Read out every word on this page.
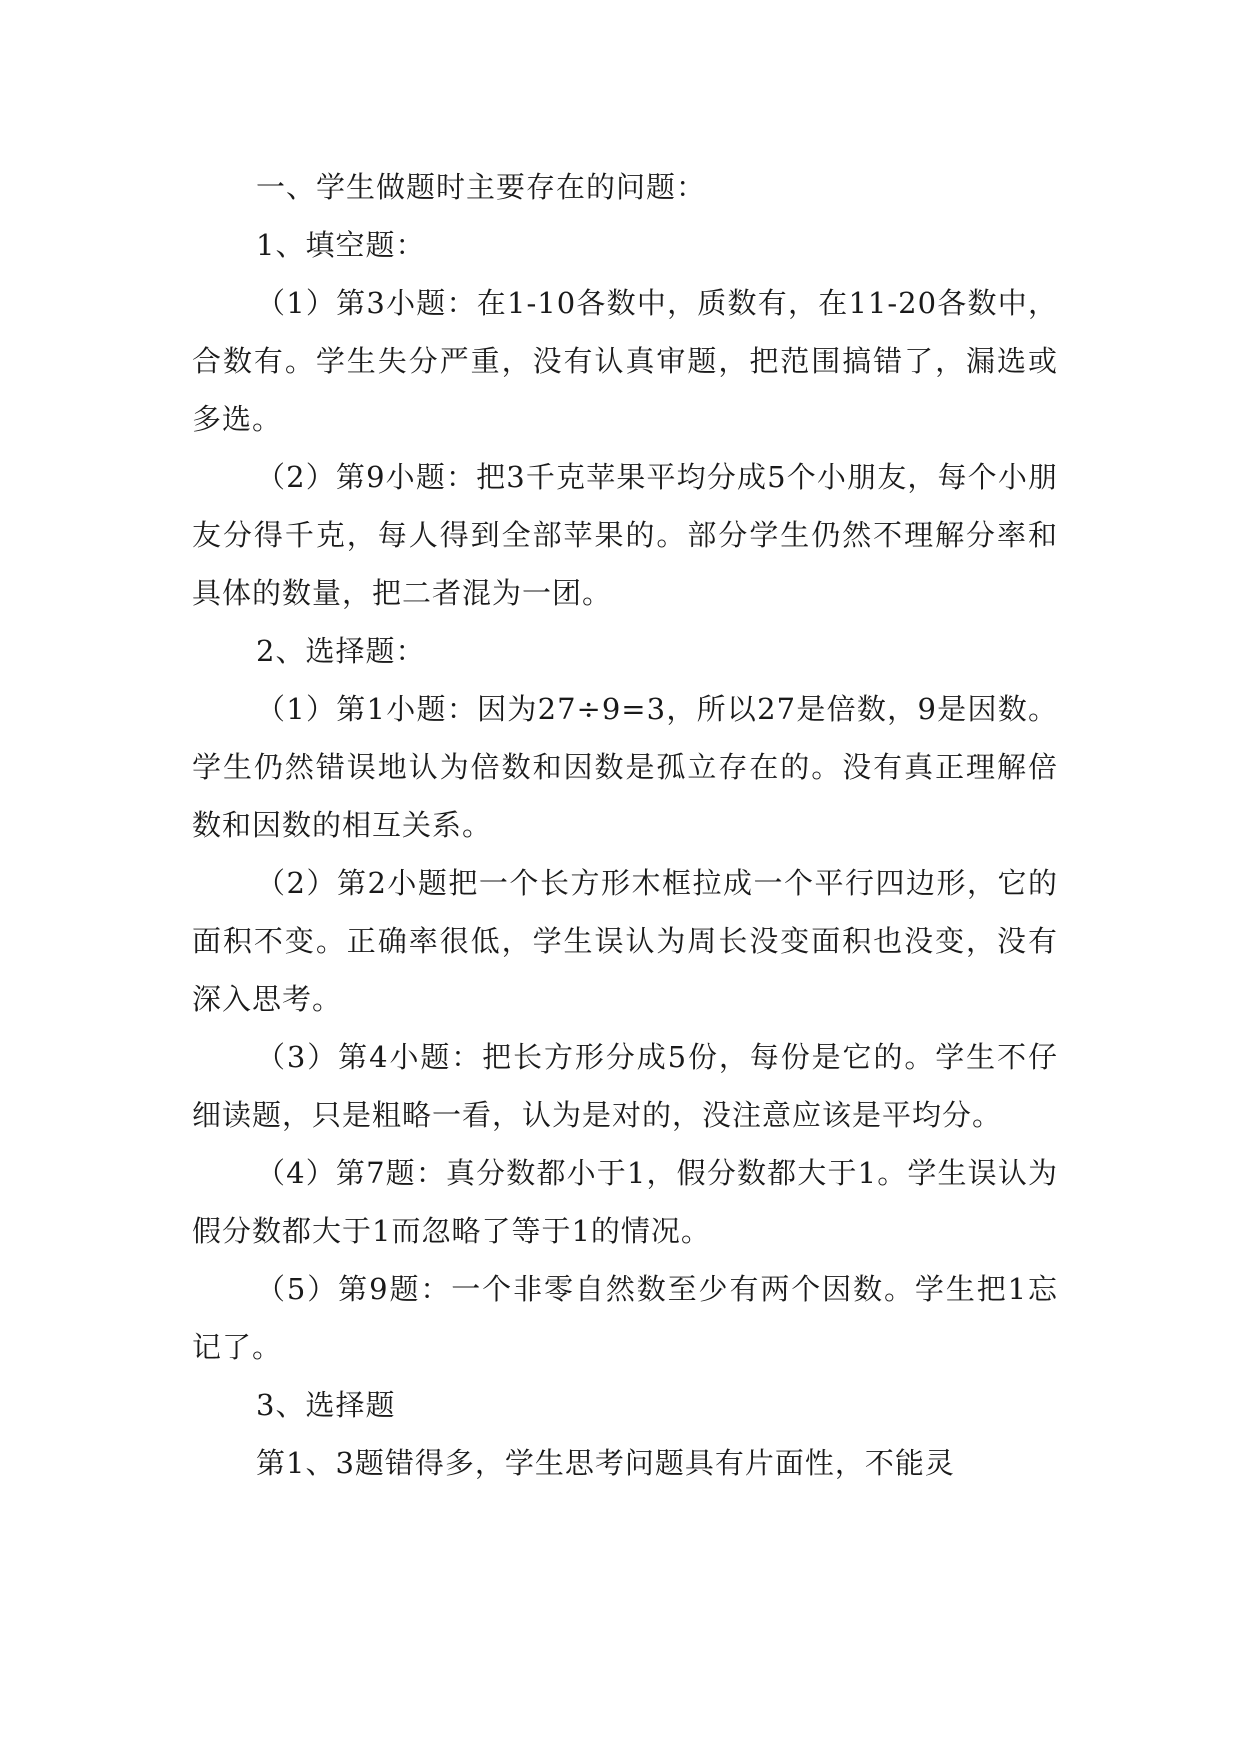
一、学生做题时主要存在的问题：

1、填空题：

（1）第3小题：在1-10各数中，质数有，在11-20各数中，合数有。学生失分严重，没有认真审题，把范围搞错了，漏选或多选。

（2）第9小题：把3千克苹果平均分成5个小朋友，每个小朋友分得千克，每人得到全部苹果的。部分学生仍然不理解分率和具体的数量，把二者混为一团。

2、选择题：

（1）第1小题：因为27÷9=3，所以27是倍数，9是因数。学生仍然错误地认为倍数和因数是孤立存在的。没有真正理解倍数和因数的相互关系。

（2）第2小题把一个长方形木框拉成一个平行四边形，它的面积不变。正确率很低，学生误认为周长没变面积也没变，没有深入思考。

（3）第4小题：把长方形分成5份，每份是它的。学生不仔细读题，只是粗略一看，认为是对的，没注意应该是平均分。

（4）第7题：真分数都小于1，假分数都大于1。学生误认为假分数都大于1而忽略了等于1的情况。

（5）第9题：一个非零自然数至少有两个因数。学生把1忘记了。

3、选择题

第1、3题错得多，学生思考问题具有片面性，不能灵
